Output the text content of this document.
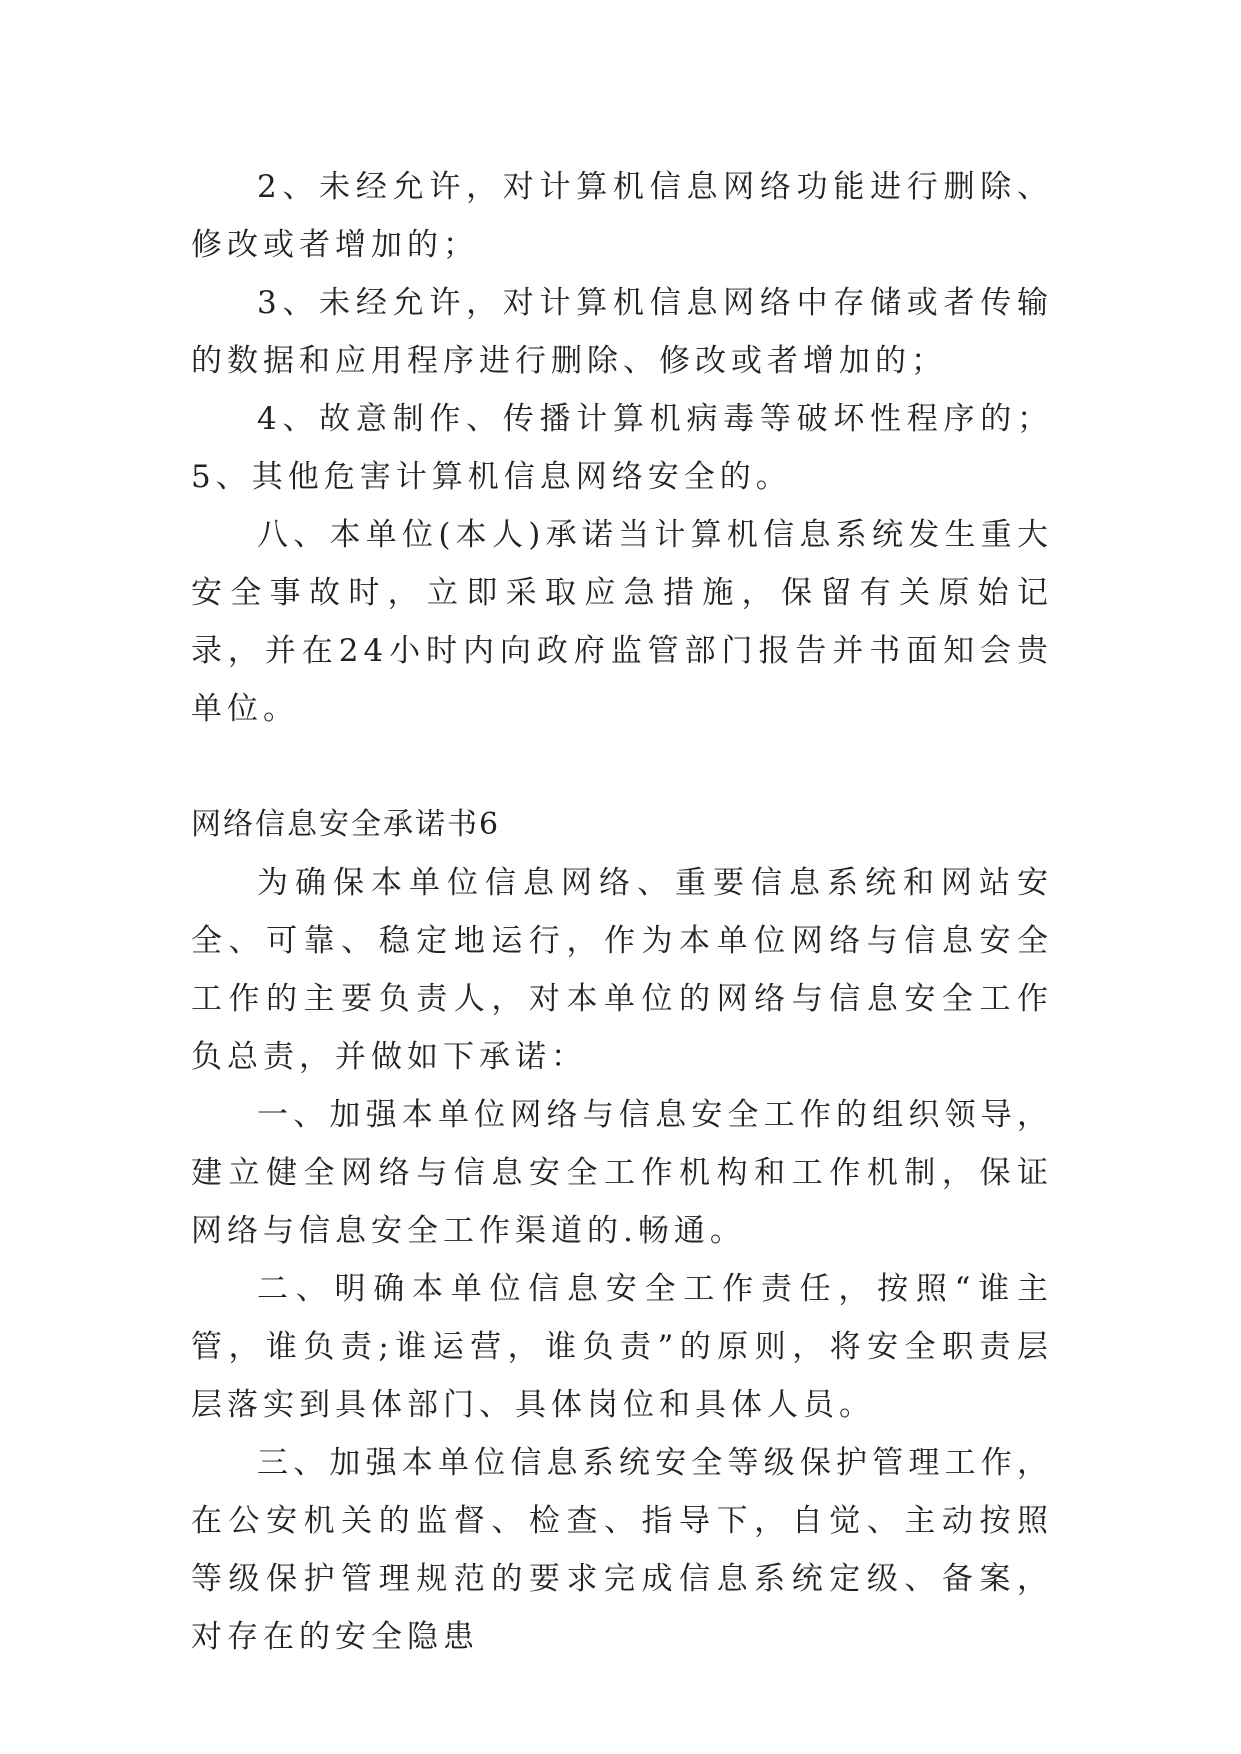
2、未经允许，对计算机信息网络功能进行删除、修改或者增加的；

3、未经允许，对计算机信息网络中存储或者传输的数据和应用程序进行删除、修改或者增加的；

4、故意制作、传播计算机病毒等破坏性程序的；5、其他危害计算机信息网络安全的。

八、本单位(本人)承诺当计算机信息系统发生重大安全事故时，立即采取应急措施，保留有关原始记录，并在24小时内向政府监管部门报告并书面知会贵单位。

网络信息安全承诺书6

为确保本单位信息网络、重要信息系统和网站安全、可靠、稳定地运行，作为本单位网络与信息安全工作的主要负责人，对本单位的网络与信息安全工作负总责，并做如下承诺：

一、加强本单位网络与信息安全工作的组织领导，建立健全网络与信息安全工作机构和工作机制，保证网络与信息安全工作渠道的.畅通。

二、明确本单位信息安全工作责任，按照“谁主管，谁负责;谁运营，谁负责”的原则，将安全职责层层落实到具体部门、具体岗位和具体人员。

三、加强本单位信息系统安全等级保护管理工作，在公安机关的监督、检查、指导下，自觉、主动按照等级保护管理规范的要求完成信息系统定级、备案，对存在的安全隐患
